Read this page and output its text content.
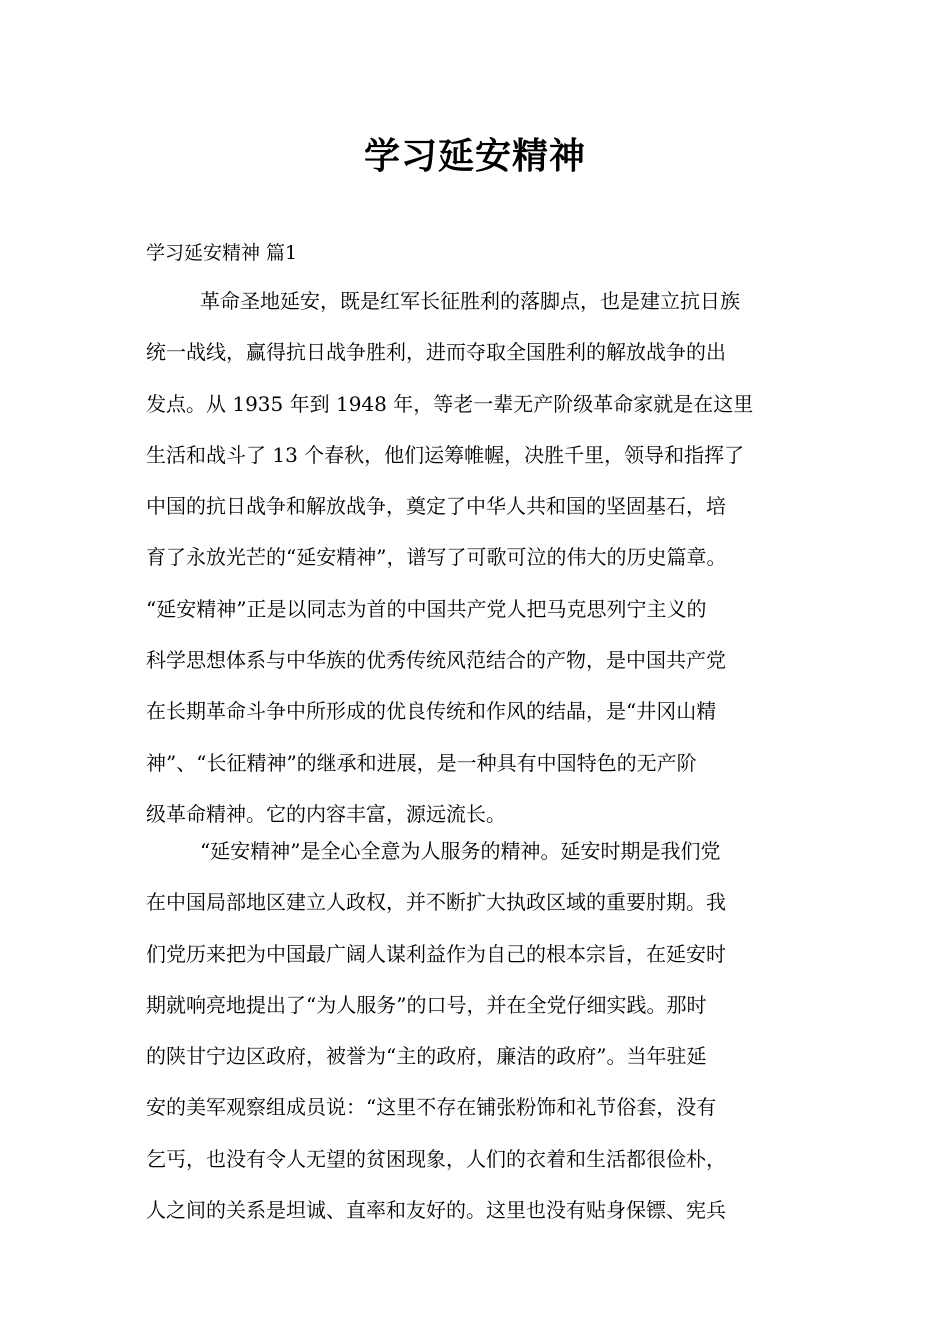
学习延安精神

学习延安精神 篇1

革命圣地延安，既是红军长征胜利的落脚点，也是建立抗日族
统一战线，赢得抗日战争胜利，进而夺取全国胜利的解放战争的出
发点。从 1935 年到 1948 年，等老一辈无产阶级革命家就是在这里
生活和战斗了 13 个春秋，他们运筹帷幄，决胜千里，领导和指挥了
中国的抗日战争和解放战争，奠定了中华人共和国的坚固基石，培
育了永放光芒的“延安精神”，谱写了可歌可泣的伟大的历史篇章。
“延安精神”正是以同志为首的中国共产党人把马克思列宁主义的
科学思想体系与中华族的优秀传统风范结合的产物，是中国共产党
在长期革命斗争中所形成的优良传统和作风的结晶，是“井冈山精
神”、“长征精神”的继承和进展，是一种具有中国特色的无产阶
级革命精神。它的内容丰富，源远流长。
“延安精神”是全心全意为人服务的精神。延安时期是我们党
在中国局部地区建立人政权，并不断扩大执政区域的重要肘期。我
们党历来把为中国最广阔人谋利益作为自己的根本宗旨，在延安时
期就响亮地提出了“为人服务”的口号，并在全党仔细实践。那时
的陕甘宁边区政府，被誉为“主的政府，廉洁的政府”。当年驻延
安的美军观察组成员说：“这里不存在铺张粉饰和礼节俗套，没有
乞丐，也没有令人无望的贫困现象，人们的衣着和生活都很俭朴，
人之间的关系是坦诚、直率和友好的。这里也没有贴身保镖、宪兵
